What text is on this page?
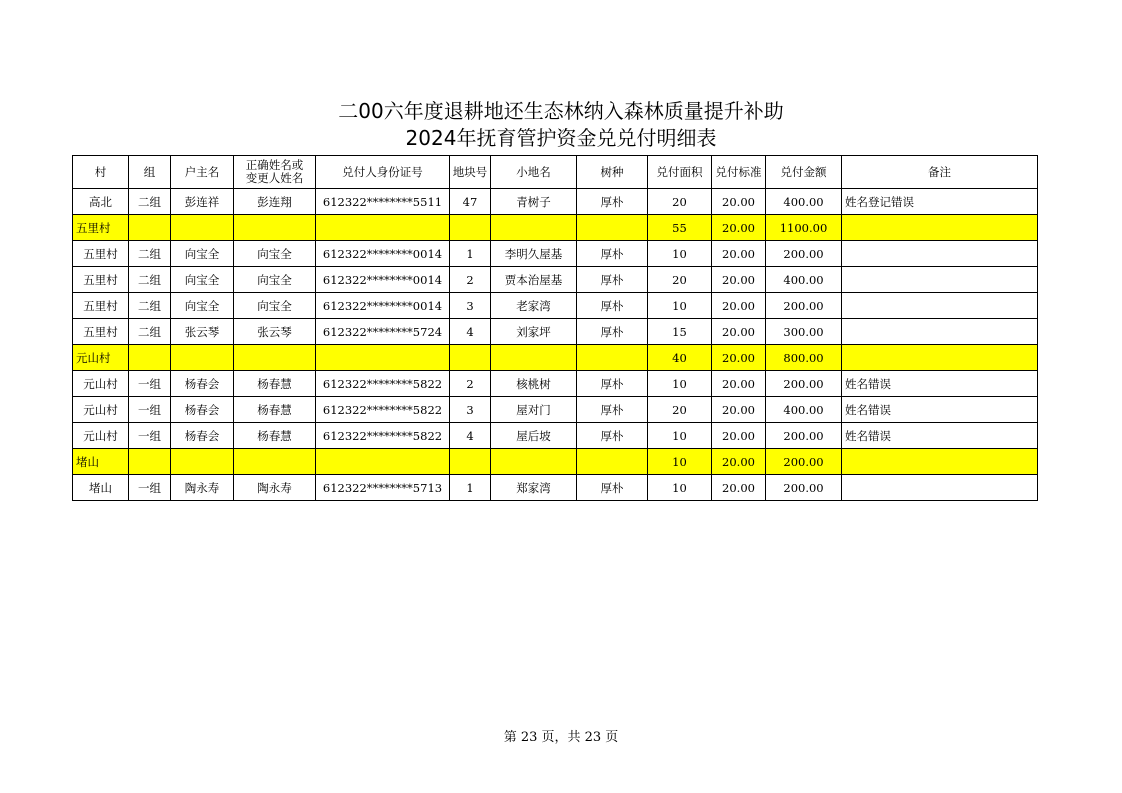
二00六年度退耕地还生态林纳入森林质量提升补助
2024年抚育管护资金兑兑付明细表
村	组	户主名	正确姓名或
变更人姓名	兑付人身份证号	地块号	小地名	树种	兑付面积	兑付标准	兑付金额	备注
高北	二组	彭连祥	彭连翔	612322********5511	47	青树子	厚朴	20	20.00	400.00	姓名登记错误
五里村								55	20.00	1100.00	
五里村	二组	向宝全	向宝全	612322********0014	1	李明久屋基	厚朴	10	20.00	200.00	
五里村	二组	向宝全	向宝全	612322********0014	2	贾本治屋基	厚朴	20	20.00	400.00	
五里村	二组	向宝全	向宝全	612322********0014	3	老家湾	厚朴	10	20.00	200.00	
五里村	二组	张云琴	张云琴	612322********5724	4	刘家坪	厚朴	15	20.00	300.00	
元山村								40	20.00	800.00	
元山村	一组	杨春会	杨春慧	612322********5822	2	核桃树	厚朴	10	20.00	200.00	姓名错误
元山村	一组	杨春会	杨春慧	612322********5822	3	屋对门	厚朴	20	20.00	400.00	姓名错误
元山村	一组	杨春会	杨春慧	612322********5822	4	屋后坡	厚朴	10	20.00	200.00	姓名错误
堵山								10	20.00	200.00	
堵山	一组	陶永寿	陶永寿	612322********5713	1	郑家湾	厚朴	10	20.00	200.00	
第 23 页，共 23 页
